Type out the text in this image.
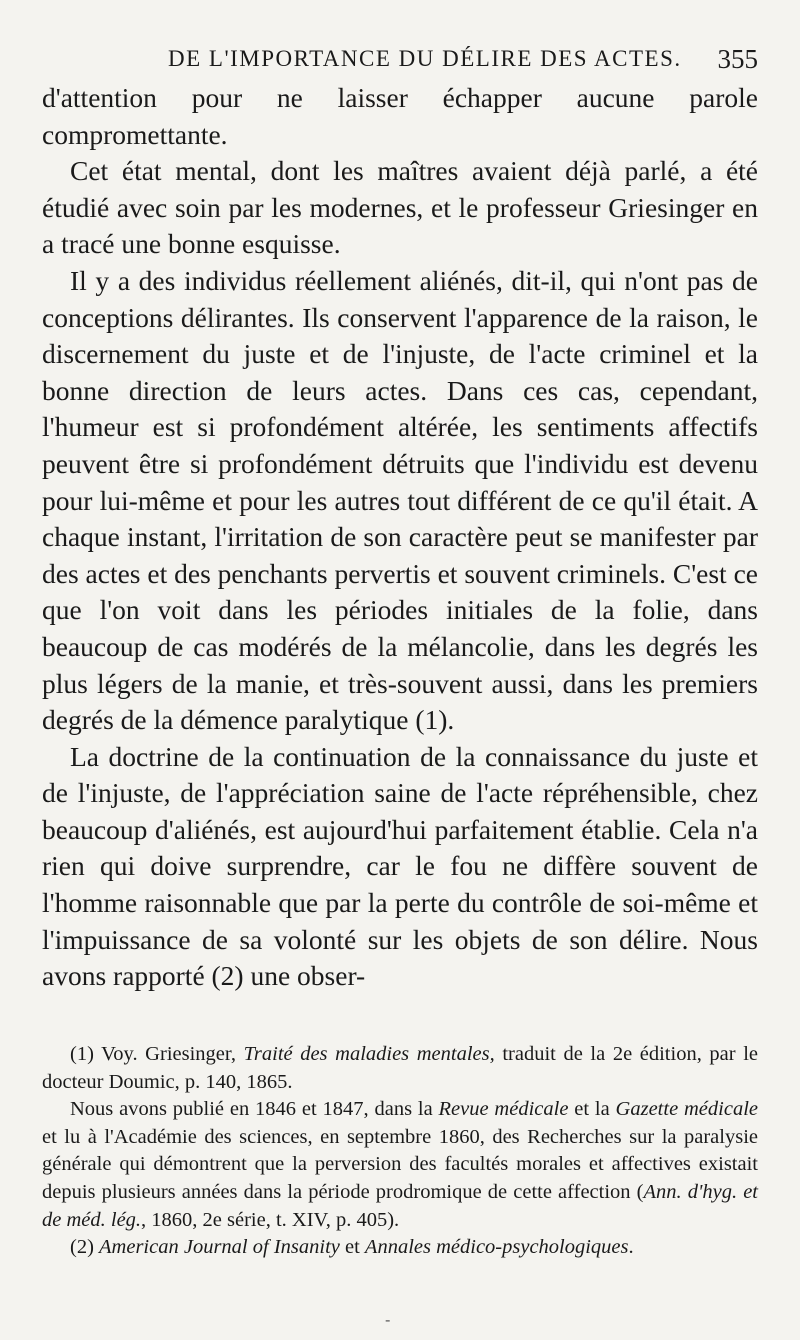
DE L'IMPORTANCE DU DÉLIRE DES ACTES. 355

d'attention pour ne laisser échapper aucune parole compromettante.

Cet état mental, dont les maîtres avaient déjà parlé, a été étudié avec soin par les modernes, et le professeur Griesinger en a tracé une bonne esquisse.

Il y a des individus réellement aliénés, dit-il, qui n'ont pas de conceptions délirantes. Ils conservent l'apparence de la raison, le discernement du juste et de l'injuste, de l'acte criminel et la bonne direction de leurs actes. Dans ces cas, cependant, l'humeur est si profondément altérée, les sentiments affectifs peuvent être si profondément détruits que l'individu est devenu pour lui-même et pour les autres tout différent de ce qu'il était. A chaque instant, l'irritation de son caractère peut se manifester par des actes et des penchants pervertis et souvent criminels. C'est ce que l'on voit dans les périodes initiales de la folie, dans beaucoup de cas modérés de la mélancolie, dans les degrés les plus légers de la manie, et très-souvent aussi, dans les premiers degrés de la démence paralytique (1).

La doctrine de la continuation de la connaissance du juste et de l'injuste, de l'appréciation saine de l'acte répréhensible, chez beaucoup d'aliénés, est aujourd'hui parfaitement établie. Cela n'a rien qui doive surprendre, car le fou ne diffère souvent de l'homme raisonnable que par la perte du contrôle de soi-même et l'impuissance de sa volonté sur les objets de son délire. Nous avons rapporté (2) une obser-

(1) Voy. Griesinger, Traité des maladies mentales, traduit de la 2e édition, par le docteur Doumic, p. 140, 1865.

Nous avons publié en 1846 et 1847, dans la Revue médicale et la Gazette médicale et lu à l'Académie des sciences, en septembre 1860, des Recherches sur la paralysie générale qui démontrent que la perversion des facultés morales et affectives existait depuis plusieurs années dans la période prodromique de cette affection (Ann. d'hyg. et de méd. lég., 1860, 2e série, t. XIV, p. 405).

(2) American Journal of Insanity et Annales médico-psychologiques.

-
